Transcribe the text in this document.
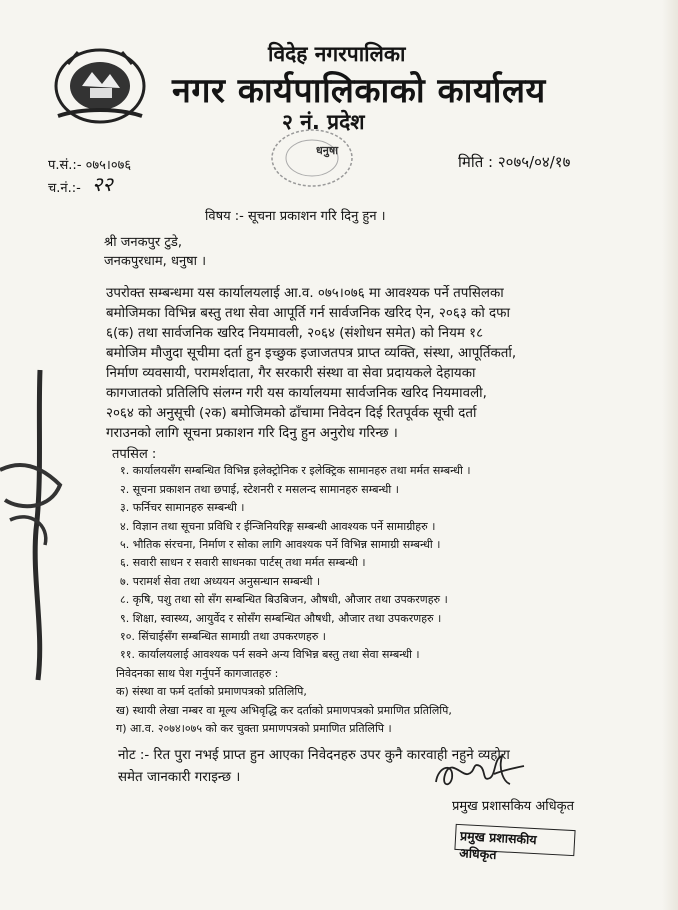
विदेह नगरपालिका
नगर कार्यपालिकाको कार्यालय
२ नं. प्रदेश
धनुषा
प.सं.:- ०७५।०७६
च.नं.:- २२
मिति : २०७५/०४/१७
विषय :- सूचना प्रकाशन गरि दिनु हुन ।
श्री जनकपुर टुडे,
जनकपुरधाम, धनुषा ।
उपरोक्त सम्बन्धमा यस कार्यालयलाई आ.व. ०७५।०७६ मा आवश्यक पर्ने तपसिलका
बमोजिमका विभिन्न बस्तु तथा सेवा आपूर्ति गर्न सार्वजनिक खरिद ऐन, २०६३ को दफा
६(क) तथा सार्वजनिक खरिद नियमावली, २०६४ (संशोधन समेत) को नियम १८
बमोजिम मौजुदा सूचीमा दर्ता हुन इच्छुक इजाजतपत्र प्राप्त व्यक्ति, संस्था, आपूर्तिकर्ता,
निर्माण व्यवसायी, परामर्शदाता, गैर सरकारी संस्था वा सेवा प्रदायकले देहायका
कागजातको प्रतिलिपि संलग्न गरी यस कार्यालयमा सार्वजनिक खरिद नियमावली,
२०६४ को अनुसूची (२क) बमोजिमको ढाँचामा निवेदन दिई रितपूर्वक सूची दर्ता
गराउनको लागि सूचना प्रकाशन गरि दिनु हुन अनुरोध गरिन्छ ।
तपसिल :
१. कार्यालयसँग सम्बन्धित विभिन्न इलेक्ट्रोनिक र इलेक्ट्रिक सामानहरु तथा मर्मत सम्बन्धी ।
२. सूचना प्रकाशन तथा छपाई, स्टेशनरी र मसलन्द सामानहरु सम्बन्धी ।
३. फर्निचर सामानहरु सम्बन्धी ।
४. विज्ञान तथा सूचना प्रविधि र ईन्जिनियरिङ्ग सम्बन्धी आवश्यक पर्ने सामाग्रीहरु ।
५. भौतिक संरचना, निर्माण र सोका लागि आवश्यक पर्ने विभिन्न सामाग्री सम्बन्धी ।
६. सवारी साधन र सवारी साधनका पार्टस् तथा मर्मत सम्बन्धी ।
७. परामर्श सेवा तथा अध्ययन अनुसन्धान सम्बन्धी ।
८. कृषि, पशु तथा सो सँग सम्बन्धित बिउबिजन, औषधी, औजार तथा उपकरणहरु ।
९. शिक्षा, स्वास्थ्य, आयुर्वेद र सोसँग सम्बन्धित औषधी, औजार तथा उपकरणहरु ।
१०. सिंचाईसँग सम्बन्धित सामाग्री तथा उपकरणहरु ।
११. कार्यालयलाई आवश्यक पर्न सक्ने अन्य विभिन्न बस्तु तथा सेवा सम्बन्धी ।
निवेदनका साथ पेश गर्नुपर्ने कागजातहरु :
क) संस्था वा फर्म दर्ताको प्रमाणपत्रको प्रतिलिपि,
ख) स्थायी लेखा नम्बर वा मूल्य अभिवृद्धि कर दर्ताको प्रमाणपत्रको प्रमाणित प्रतिलिपि,
ग) आ.व. २०७४।०७५ को कर चुक्ता प्रमाणपत्रको प्रमाणित प्रतिलिपि ।
नोट :- रित पुरा नभई प्राप्त हुन आएका निवेदनहरु उपर कुनै कारवाही नहुने व्यहोरा
समेत जानकारी गराइन्छ ।
प्रमुख प्रशासकिय अधिकृत
प्रमुख प्रशासकीय अधिकृत
